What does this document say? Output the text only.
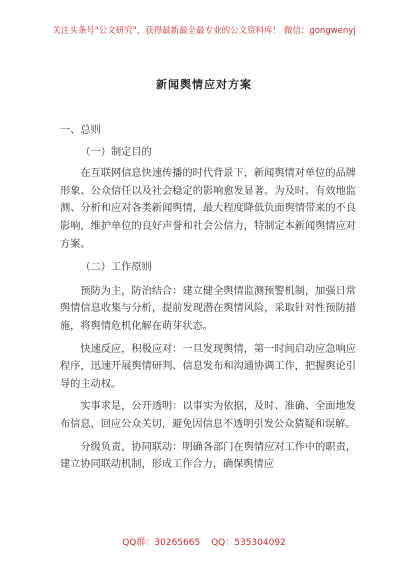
关注头条号"公文研究"，获得最新最全最专业的公文资料库！ 微信：gongwenyj
新闻舆情应对方案

一、总则

（一）制定目的

在互联网信息快速传播的时代背景下，新闻舆情对单位的品牌形象、公众信任以及社会稳定的影响愈发显著。为及时、有效地监测、分析和应对各类新闻舆情，最大程度降低负面舆情带来的不良影响，维护单位的良好声誉和社会公信力，特制定本新闻舆情应对方案。

（二）工作原则

预防为主，防治结合：建立健全舆情监测预警机制，加强日常舆情信息收集与分析，提前发现潜在舆情风险，采取针对性预防措施，将舆情危机化解在萌芽状态。

快速反应，积极应对：一旦发现舆情，第一时间启动应急响应程序，迅速开展舆情研判、信息发布和沟通协调工作，把握舆论引导的主动权。

实事求是，公开透明：以事实为依据，及时、准确、全面地发布信息，回应公众关切，避免因信息不透明引发公众猜疑和误解。

分级负责，协同联动：明确各部门在舆情应对工作中的职责，建立协同联动机制，形成工作合力，确保舆情应

QQ群：30265665 QQ：535304092
